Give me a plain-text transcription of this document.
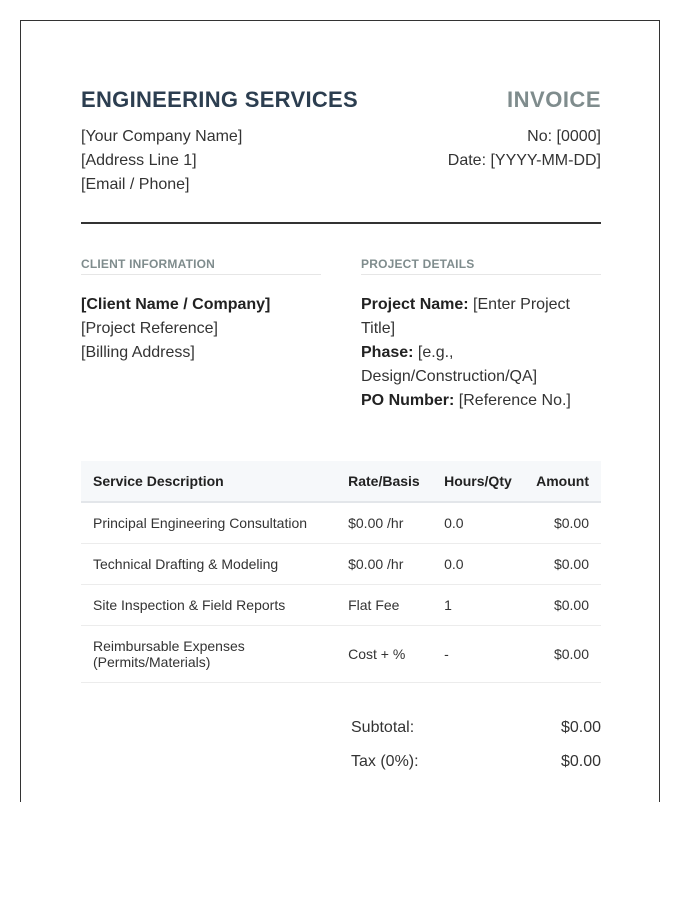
ENGINEERING SERVICES	INVOICE
[Your Company Name]
[Address Line 1]
[Email / Phone]
No: [0000]
Date: [YYYY-MM-DD]
CLIENT INFORMATION
[Client Name / Company]
[Project Reference]
[Billing Address]
PROJECT DETAILS
Project Name: [Enter Project Title]
Phase: [e.g., Design/Construction/QA]
PO Number: [Reference No.]
Service Description	Rate/Basis	Hours/Qty	Amount
Principal Engineering Consultation	$0.00 /hr	0.0	$0.00
Technical Drafting & Modeling	$0.00 /hr	0.0	$0.00
Site Inspection & Field Reports	Flat Fee	1	$0.00
Reimbursable Expenses (Permits/Materials)	Cost + %	-	$0.00
Subtotal:	$0.00
Tax (0%):	$0.00
